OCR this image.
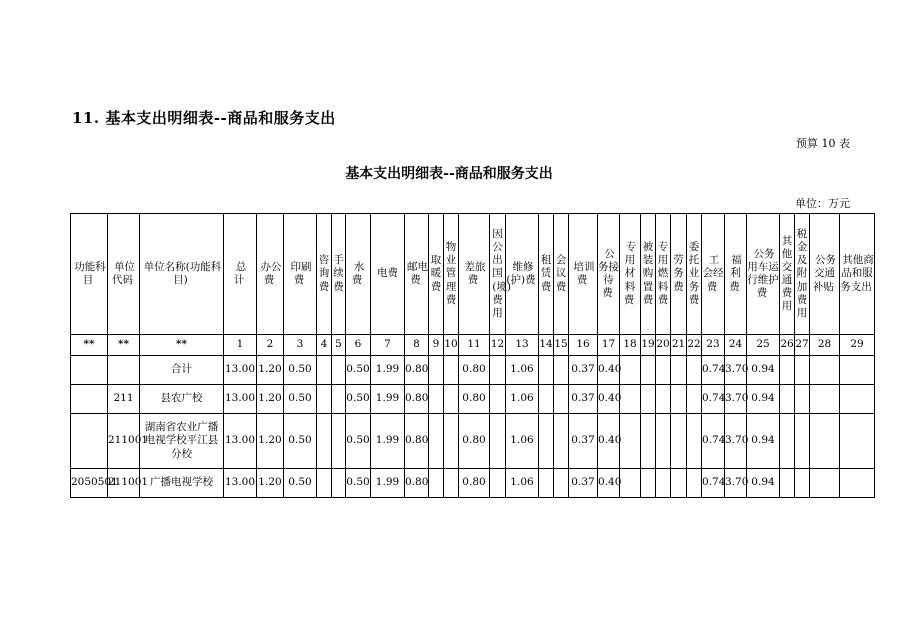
11. 基本支出明细表--商品和服务支出
预算 10 表
基本支出明细表--商品和服务支出
单位：万元
功能科目	单位代码	单位名称(功能科目)	总　计	办公费	印刷费	咨询费	手续费	水费	电费	邮电费	取暖费	物业管理费	差旅费	因公出国(境)费用	维修(护)费	租赁费	会议费	培训费	公务接待费	专用材料费	被装购置费	专用燃料费	劳务费	委托业务费	工会经费	福利费	公务用车运行维护费	其他交通费用	税金及附加费用	公务交通补贴	其他商品和服务支出
**	**	**	1	2	3	4	5	6	7	8	9	10	11	12	13	14	15	16	17	18	19	20	21	22	23	24	25	26	27	28	29
		合计	13.00	1.20	0.50			0.50	1.99	0.80			0.80		1.06			0.37	0.40						0.74	3.70	0.94				
	211	县农广校	13.00	1.20	0.50			0.50	1.99	0.80			0.80		1.06			0.37	0.40						0.74	3.70	0.94				
	211001	湖南省农业广播电视学校平江县分校	13.00	1.20	0.50			0.50	1.99	0.80			0.80		1.06			0.37	0.40						0.74	3.70	0.94				
2050501	211001	广播电视学校	13.00	1.20	0.50			0.50	1.99	0.80			0.80		1.06			0.37	0.40						0.74	3.70	0.94				
